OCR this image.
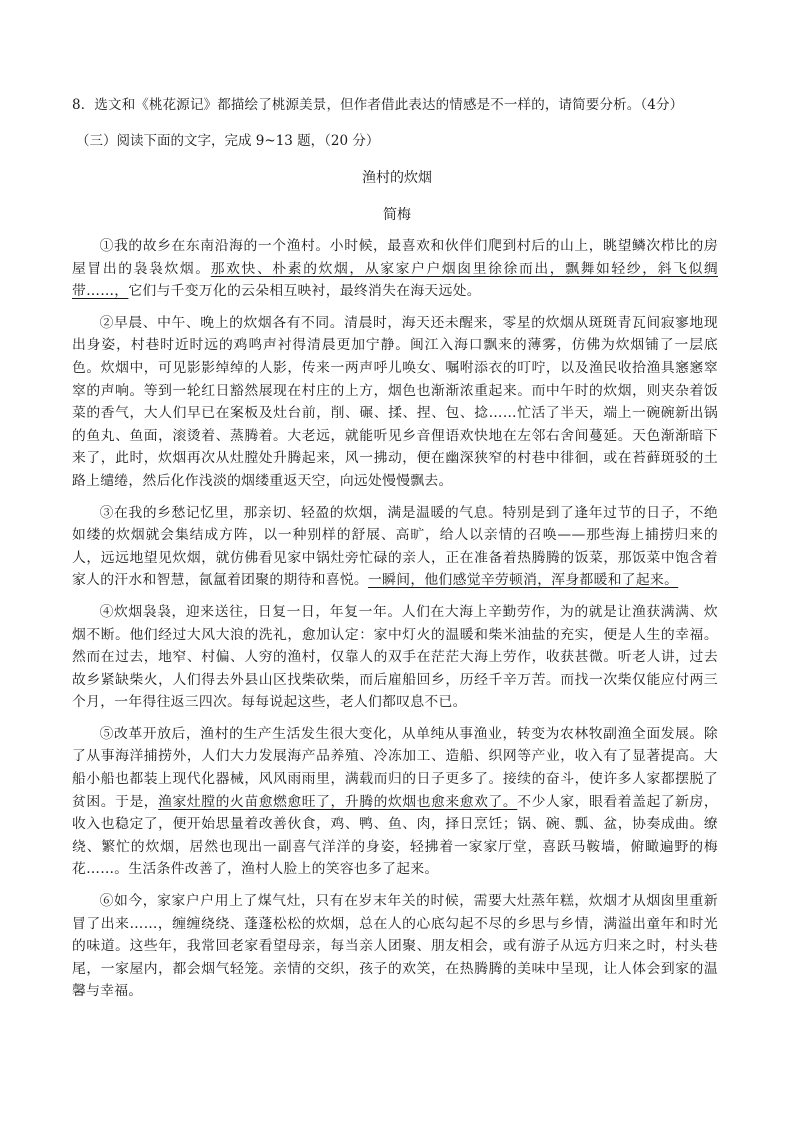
8．选文和《桃花源记》都描绘了桃源美景，但作者借此表达的情感是不一样的，请简要分析。（4分）
（三）阅读下面的文字，完成 9~13 题，（20 分）
渔村的炊烟
简梅

①我的故乡在东南沿海的一个渔村。小时候，最喜欢和伙伴们爬到村后的山上，眺望鳞次栉比的房屋冒出的袅袅炊烟。那欢快、朴素的炊烟，从家家户户烟囱里徐徐而出，飘舞如轻纱，斜飞似绸带……，它们与千变万化的云朵相互映衬，最终消失在海天远处。

②早晨、中午、晚上的炊烟各有不同。清晨时，海天还未醒来，零星的炊烟从斑斑青瓦间寂寥地现出身姿，村巷时近时远的鸡鸣声衬得清晨更加宁静。闽江入海口飘来的薄雾，仿佛为炊烟铺了一层底色。炊烟中，可见影影绰绰的人影，传来一两声呼儿唤女、嘱咐添衣的叮咛，以及渔民收拾渔具窸窸窣窣的声响。等到一轮红日豁然展现在村庄的上方，烟色也渐渐浓重起来。而中午时的炊烟，则夹杂着饭菜的香气，大人们早已在案板及灶台前，削、碾、揉、捏、包、捻……忙活了半天，端上一碗碗新出锅的鱼丸、鱼面，滚烫着、蒸腾着。大老远，就能听见乡音俚语欢快地在左邻右舍间蔓延。天色渐渐暗下来了，此时，炊烟再次从灶膛处升腾起来，风一拂动，便在幽深狭窄的村巷中徘徊，或在苔藓斑驳的土路上缱绻，然后化作浅淡的烟缕重返天空，向远处慢慢飘去。

③在我的乡愁记忆里，那亲切、轻盈的炊烟，满是温暖的气息。特别是到了逢年过节的日子，不绝如缕的炊烟就会集结成方阵，以一种别样的舒展、高旷，给人以亲情的召唤——那些海上捕捞归来的人，远远地望见炊烟，就仿佛看见家中锅灶旁忙碌的亲人，正在准备着热腾腾的饭菜，那饭菜中饱含着家人的汗水和智慧，氤氲着团聚的期待和喜悦。一瞬间，他们感觉辛劳顿消，浑身都暖和了起来。

④炊烟袅袅，迎来送往，日复一日，年复一年。人们在大海上辛勤劳作，为的就是让渔获满满、炊烟不断。他们经过大风大浪的洗礼，愈加认定：家中灯火的温暖和柴米油盐的充实，便是人生的幸福。然而在过去，地窄、村偏、人穷的渔村，仅靠人的双手在茫茫大海上劳作，收获甚微。听老人讲，过去故乡紧缺柴火，人们得去外县山区找柴砍柴，而后雇船回乡，历经千辛万苦。而找一次柴仅能应付两三个月，一年得往返三四次。每每说起这些，老人们都叹息不已。

⑤改革开放后，渔村的生产生活发生很大变化，从单纯从事渔业，转变为农林牧副渔全面发展。除了从事海洋捕捞外，人们大力发展海产品养殖、冷冻加工、造船、织网等产业，收入有了显著提高。大船小船也都装上现代化器械，风风雨雨里，满载而归的日子更多了。接续的奋斗，使许多人家都摆脱了贫困。于是，渔家灶膛的火苗愈燃愈旺了，升腾的炊烟也愈来愈欢了。不少人家，眼看着盖起了新房，收入也稳定了，便开始思量着改善伙食，鸡、鸭、鱼、肉，择日烹饪；锅、碗、瓢、盆，协奏成曲。缭绕、繁忙的炊烟，居然也现出一副喜气洋洋的身姿，轻拂着一家家厅堂，喜跃马鞍墙，俯瞰遍野的梅花……。生活条件改善了，渔村人脸上的笑容也多了起来。

⑥如今，家家户户用上了煤气灶，只有在岁末年关的时候，需要大灶蒸年糕，炊烟才从烟囱里重新冒了出来……，缠缠绕绕、蓬蓬松松的炊烟，总在人的心底勾起不尽的乡思与乡情，满溢出童年和时光的味道。这些年，我常回老家看望母亲，每当亲人团聚、朋友相会，或有游子从远方归来之时，村头巷尾，一家屋内，都会烟气轻笼。亲情的交织，孩子的欢笑，在热腾腾的美味中呈现，让人体会到家的温馨与幸福。
